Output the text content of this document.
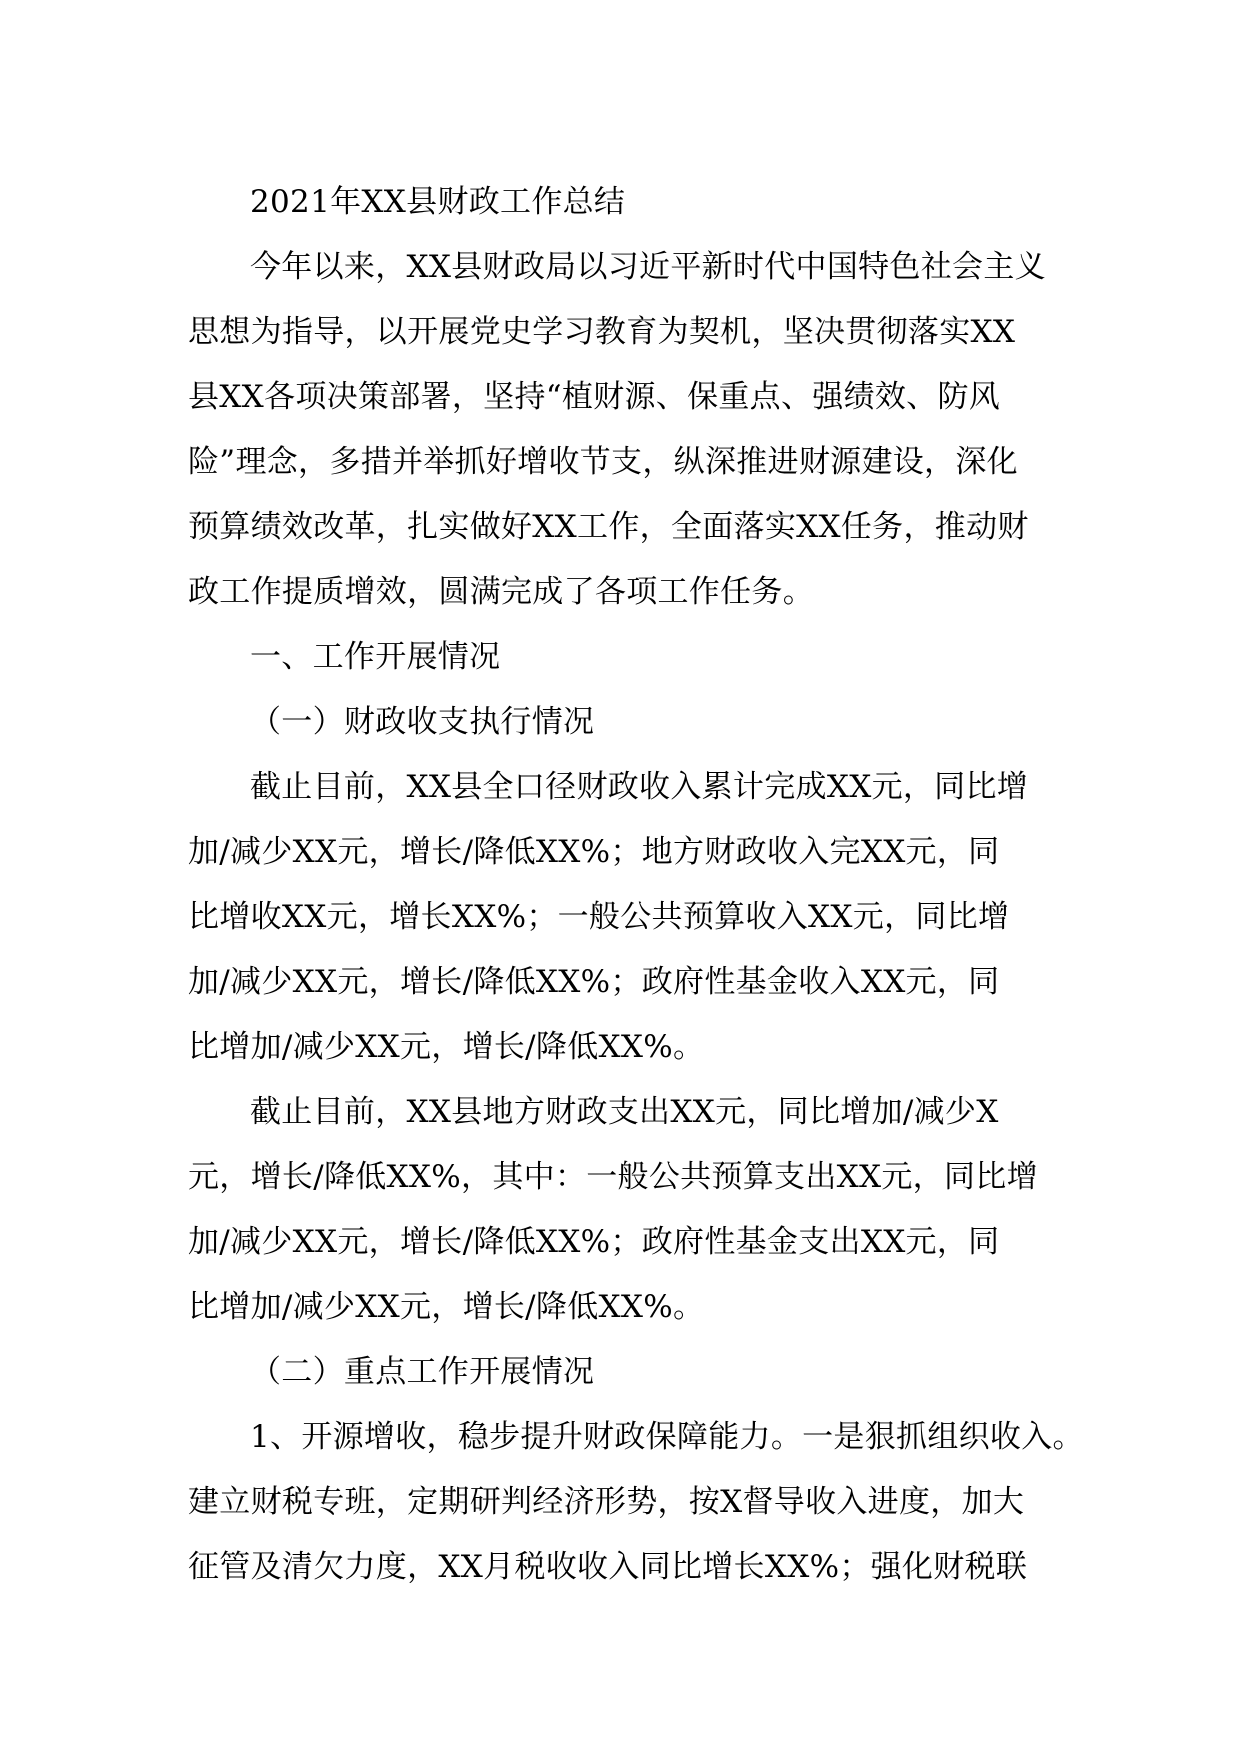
2021年XX县财政工作总结
今年以来，XX县财政局以习近平新时代中国特色社会主义
思想为指导，以开展党史学习教育为契机，坚决贯彻落实XX
县XX各项决策部署，坚持“植财源、保重点、强绩效、防风
险”理念，多措并举抓好增收节支，纵深推进财源建设，深化
预算绩效改革，扎实做好XX工作，全面落实XX任务，推动财
政工作提质增效，圆满完成了各项工作任务。
一、工作开展情况
（一）财政收支执行情况
截止目前，XX县全口径财政收入累计完成XX元，同比增
加/减少XX元，增长/降低XX%；地方财政收入完XX元，同
比增收XX元，增长XX%；一般公共预算收入XX元，同比增
加/减少XX元，增长/降低XX%；政府性基金收入XX元，同
比增加/减少XX元，增长/降低XX%。
截止目前，XX县地方财政支出XX元，同比增加/减少X
元，增长/降低XX%，其中：一般公共预算支出XX元，同比增
加/减少XX元，增长/降低XX%；政府性基金支出XX元，同
比增加/减少XX元，增长/降低XX%。
（二）重点工作开展情况
1、开源增收，稳步提升财政保障能力。一是狠抓组织收入。
建立财税专班，定期研判经济形势，按X督导收入进度，加大
征管及清欠力度，XX月税收收入同比增长XX%；强化财税联
